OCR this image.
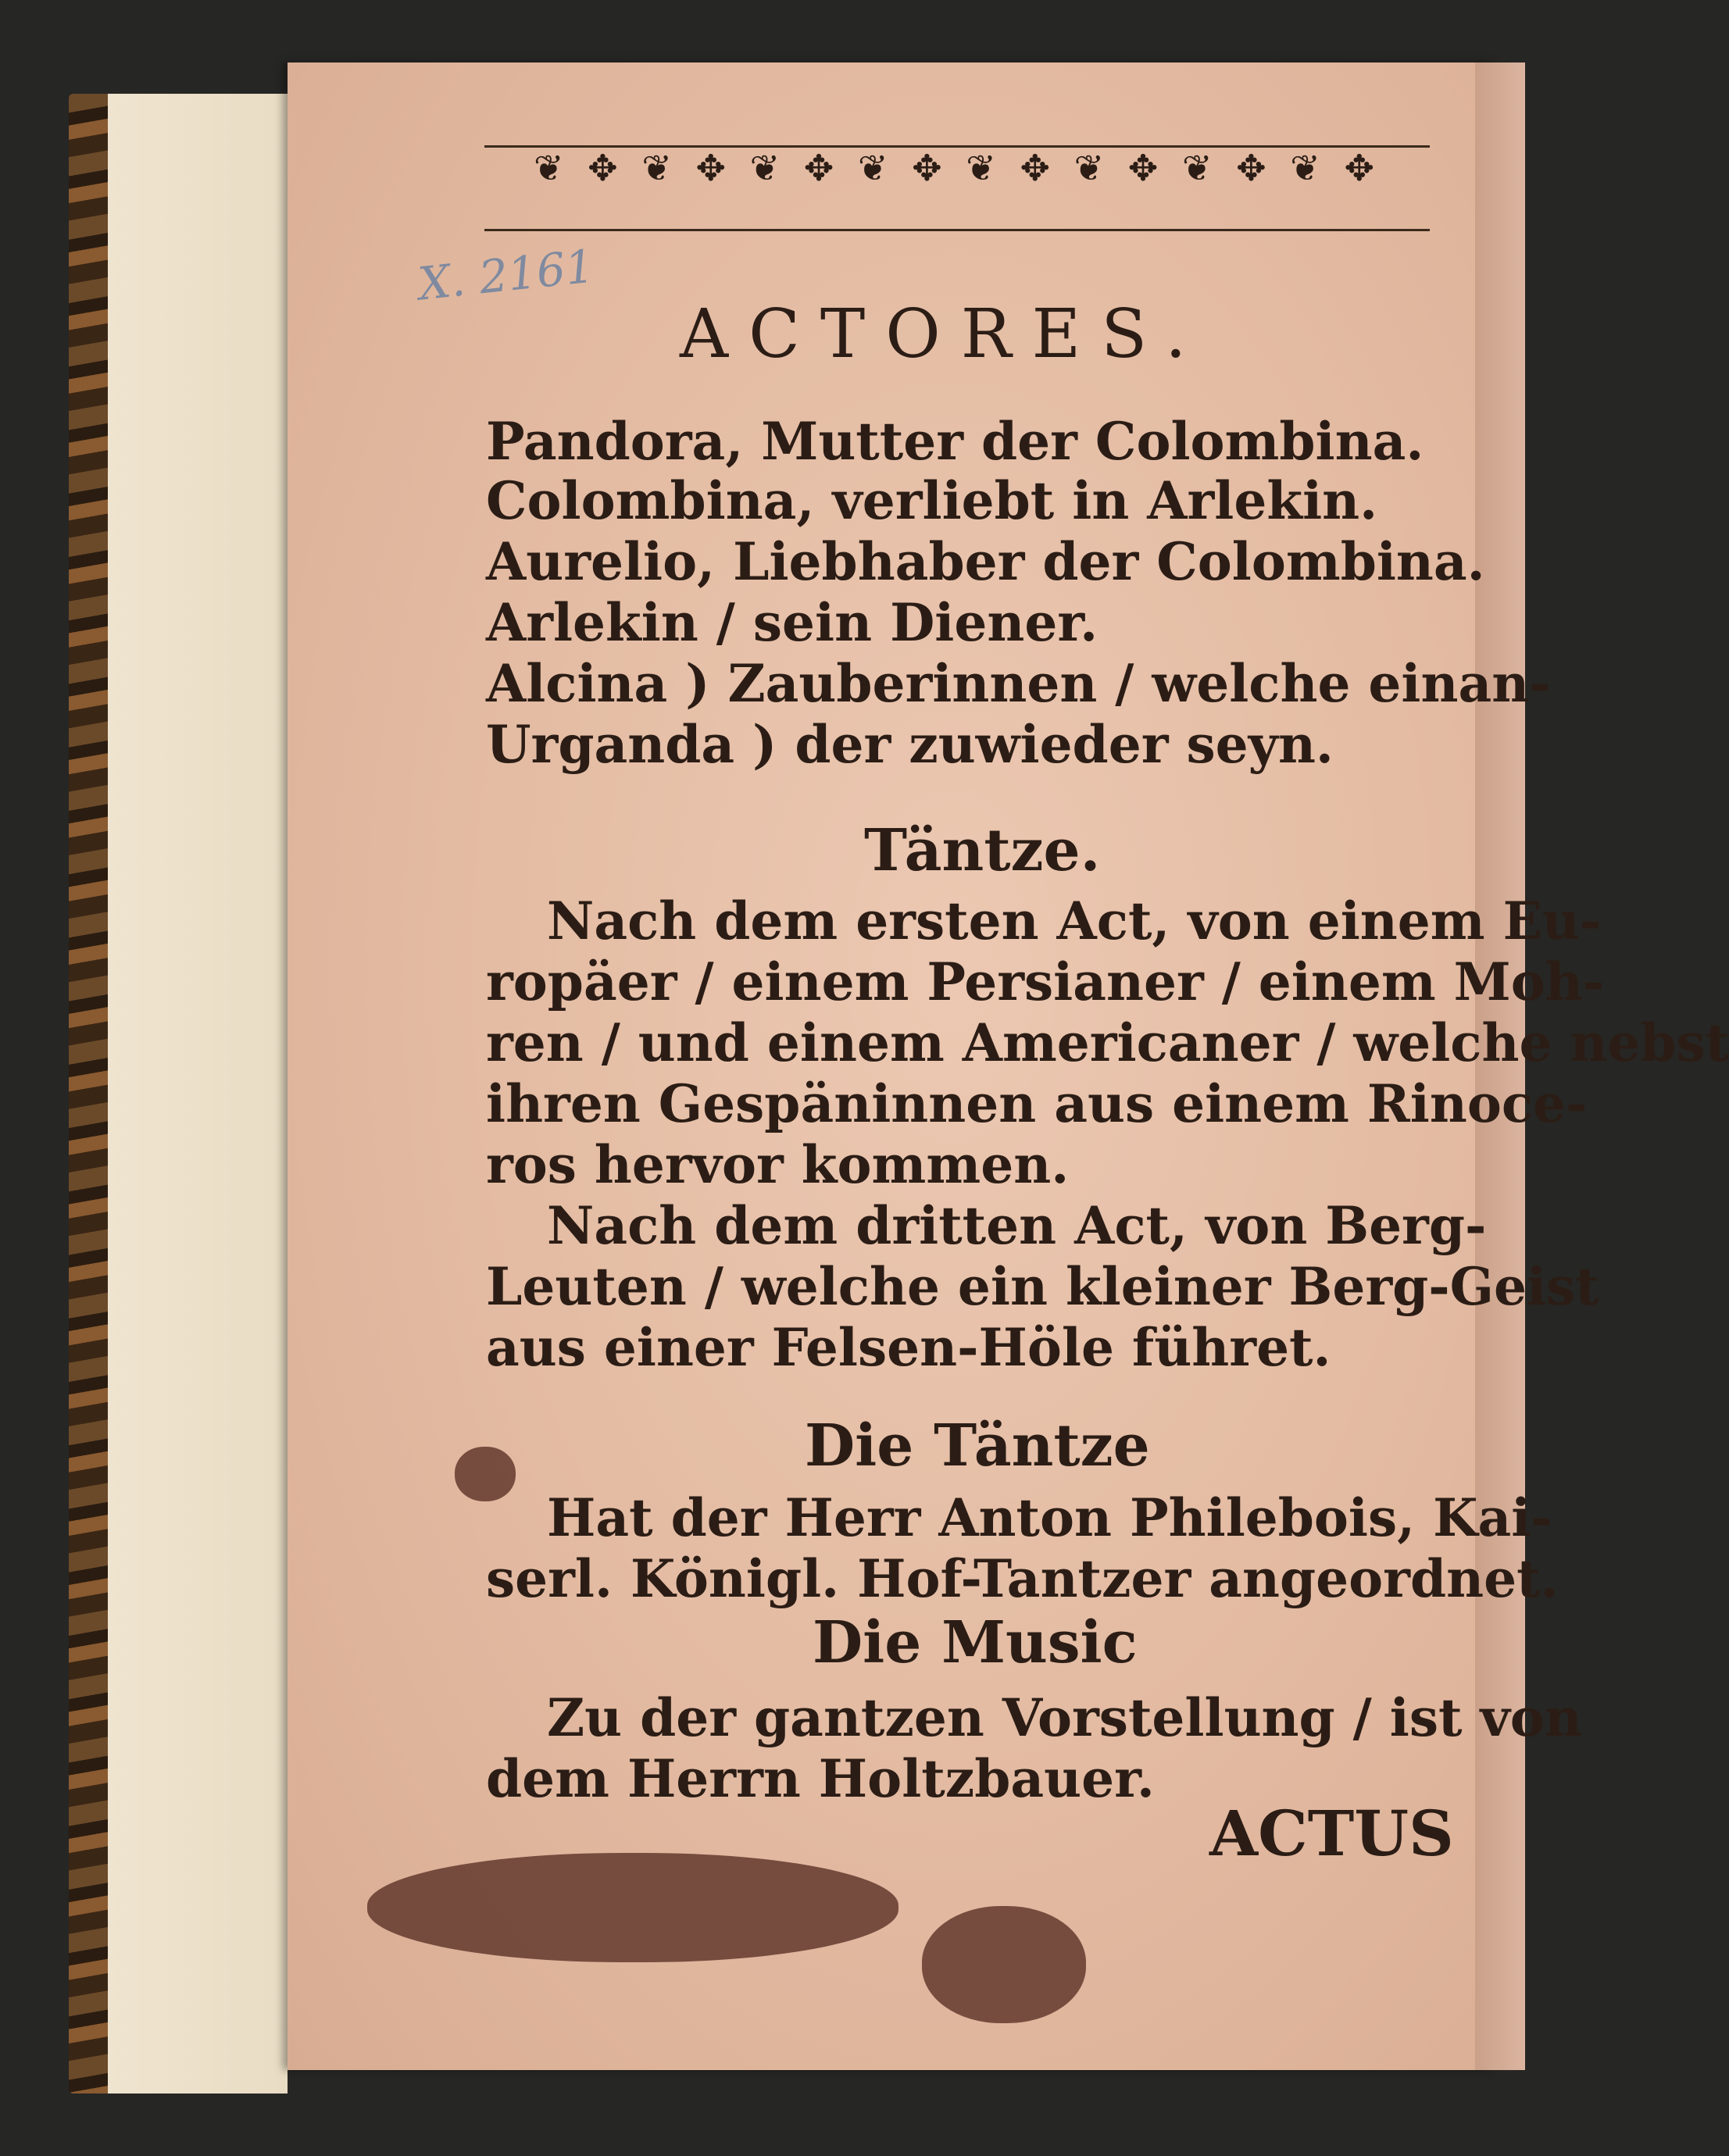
❦ ✥ ❦ ✥ ❦ ✥ ❦ ✥ ❦ ✥ ❦ ✥ ❦ ✥ ❦ ✥
X. 2161
ACTORES.
Pandora, Mutter der Colombina.
Colombina, verliebt in Arlekin.
Aurelio, Liebhaber der Colombina.
Arlekin / sein Diener.
Alcina ) Zauberinnen / welche einan-
Urganda ) der zuwieder seyn.
Täntze.
Nach dem ersten Act, von einem Eu-
ropäer / einem Persianer / einem Moh-
ren / und einem Americaner / welche nebst
ihren Gespäninnen aus einem Rinoce-
ros hervor kommen.
Nach dem dritten Act, von Berg-
Leuten / welche ein kleiner Berg-Geist
aus einer Felsen-Höle führet.
Die Täntze
Hat der Herr Anton Philebois, Kai-
serl. Königl. Hof-Tantzer angeordnet.
Die Music
Zu der gantzen Vorstellung / ist von
dem Herrn Holtzbauer.
ACTUS
